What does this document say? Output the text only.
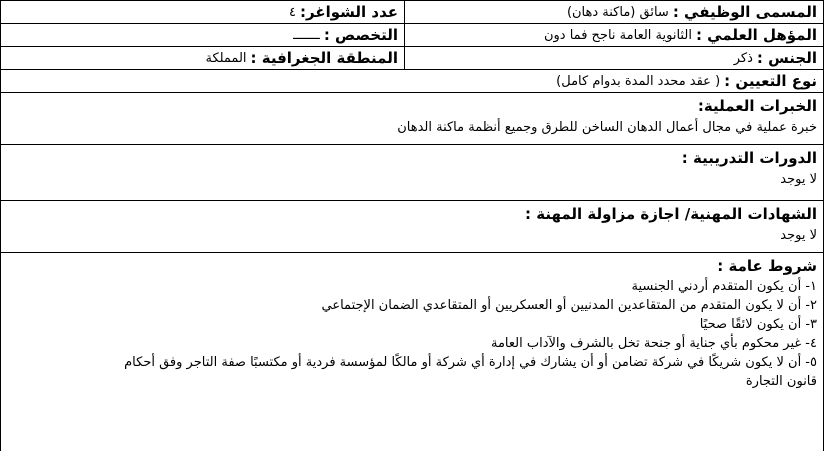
المسمى الوظيفي :
سائق (ماكنة دهان)
عدد الشواغر:
٤
المؤهل العلمي :
الثانوية العامة ناجح فما دون
التخصص :
ـــــــ
الجنس :
ذكر
المنطقة الجغرافية :
المملكة
نوع التعيين :
( عقد محدد المدة بدوام كامل)
الخبرات العملية:
خبرة عملية في مجال أعمال الدهان الساخن للطرق وجميع أنظمة ماكنة الدهان
الدورات التدريبية :
لا يوجد
الشهادات المهنية/ اجازة مزاولة المهنة :
لا يوجد
شروط عامة :
١- أن يكون المتقدم أردني الجنسية
٢- أن لا يكون المتقدم من المتقاعدين المدنيين أو العسكريين أو المتقاعدي الضمان الإجتماعي
٣- أن يكون لائقًا صحيًا
٤- غير محكوم بأي جناية أو جنحة تخل بالشرف والآداب العامة
٥- أن لا يكون شريكًا في شركة تضامن أو أن يشارك في إدارة أي شركة أو مالكًا لمؤسسة فردية أو مكتسبًا صفة التاجر وفق أحكام
قانون التجارة
